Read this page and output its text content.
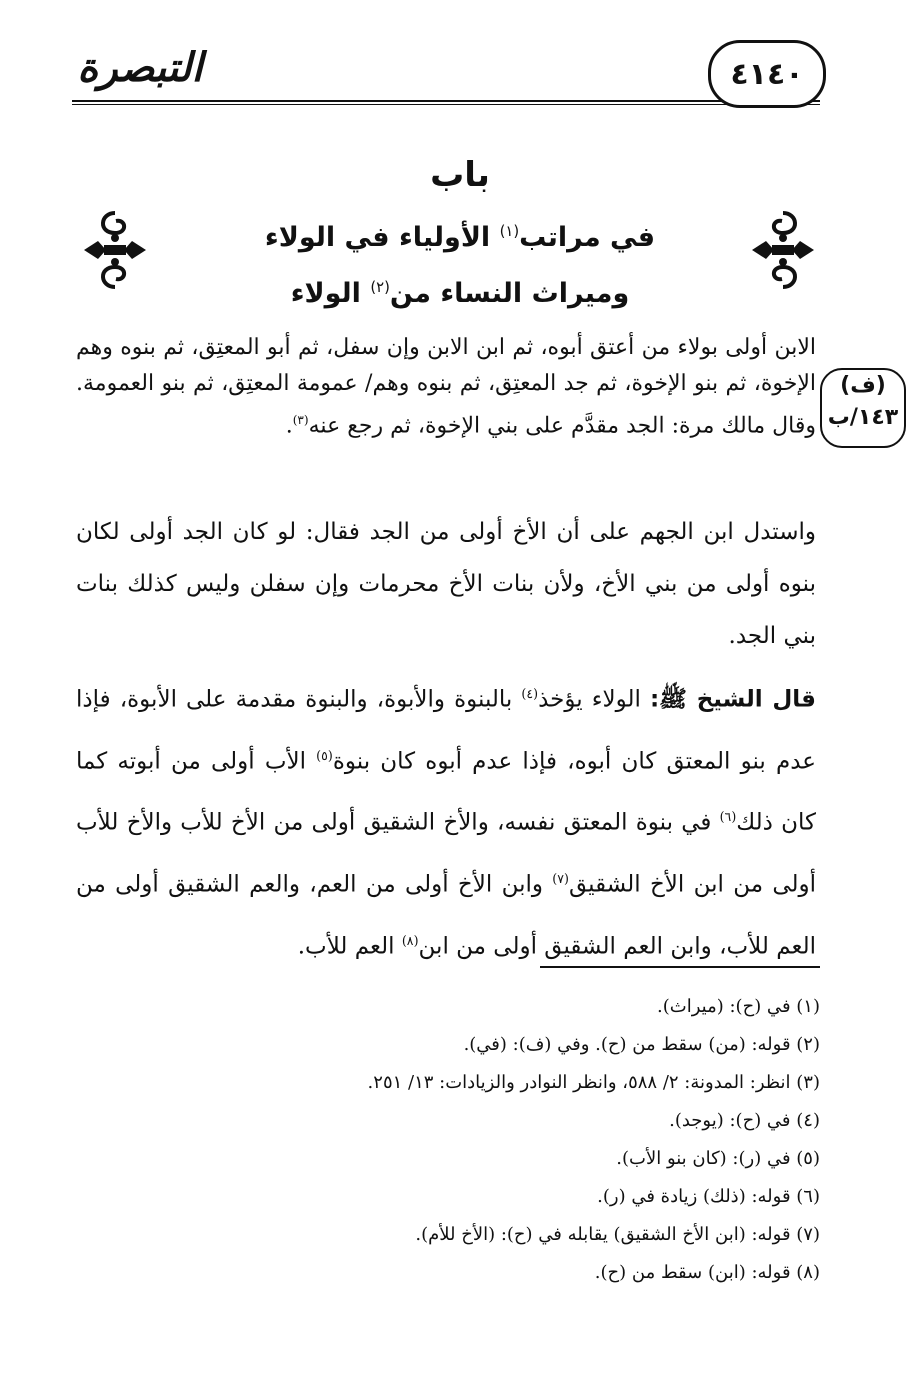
٤١٤٠
التبصرة
باب
في مراتب$^{(١)}$ الأولياء في الولاء
وميراث النساء من$^{(٢)}$ الولاء
(ف)
١٤٣/ب
الابن أولى بولاء من أعتق أبوه، ثم ابن الابن وإن سفل، ثم أبو المعتِق، ثم بنوه وهم الإخوة، ثم بنو الإخوة، ثم جد المعتِق، ثم بنوه وهم/ عمومة المعتِق، ثم بنو العمومة. وقال مالك مرة: الجد مقدَّم على بني الإخوة، ثم رجع عنه$^{(٣)}$.
واستدل ابن الجهم على أن الأخ أولى من الجد فقال: لو كان الجد أولى لكان بنوه أولى من بني الأخ، ولأن بنات الأخ محرمات وإن سفلن وليس كذلك بنات بني الجد.
قال الشيخ ﷺ: الولاء يؤخذ$^{(٤)}$ بالبنوة والأبوة، والبنوة مقدمة على الأبوة، فإذا عدم بنو المعتق كان أبوه، فإذا عدم أبوه كان بنوة$^{(٥)}$ الأب أولى من أبوته كما كان ذلك$^{(٦)}$ في بنوة المعتق نفسه، والأخ الشقيق أولى من الأخ للأب والأخ للأب أولى من ابن الأخ الشقيق$^{(٧)}$ وابن الأخ أولى من العم، والعم الشقيق أولى من العم للأب، وابن العم الشقيق أولى من ابن$^{(٨)}$ العم للأب.
(١) في (ح): (ميراث).
(٢) قوله: (من) سقط من (ح). وفي (ف): (في).
(٣) انظر: المدونة: ٢/ ٥٨٨، وانظر النوادر والزيادات: ١٣/ ٢٥١.
(٤) في (ح): (يوجد).
(٥) في (ر): (كان بنو الأب).
(٦) قوله: (ذلك) زيادة في (ر).
(٧) قوله: (ابن الأخ الشقيق) يقابله في (ح): (الأخ للأم).
(٨) قوله: (ابن) سقط من (ح).
